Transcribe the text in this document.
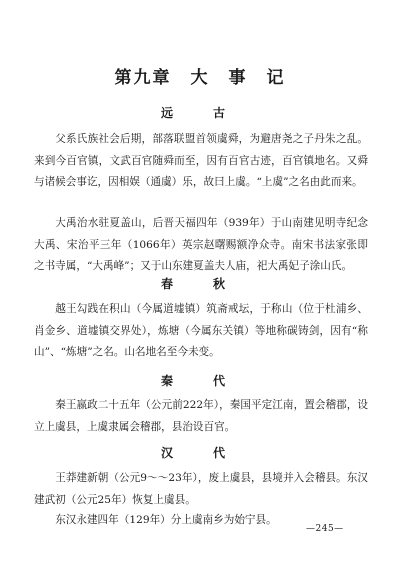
第九章　大　事　记
远　古
父系氏族社会后期，部落联盟首领虞舜，为避唐尧之子丹朱之乱。来到今百官镇，文武百官随舜而至，因有百官古迹，百官镇地名。又舜与诸候会事讫，因相娱（通虞）乐，故曰上虞。“上虞”之名由此而来。
大禹治水驻夏盖山，后晋天福四年（939年）于山南建见明寺纪念大禹、宋治平三年（1066年）英宗赵曙赐额净众寺。南宋书法家张即之书寺属，“大禹峰”；又于山东建夏盖夫人庙，祀大禹妃子涂山氏。
春　秋
越王勾践在积山（今属道墟镇）筑斋戒坛，于称山（位于杜浦乡、肖金乡、道墟镇交界处），炼塘（今属东关镇）等地称碳铸剑，因有“称山”、“炼塘”之名。山名地名至今未变。
秦　代
秦王嬴政二十五年（公元前222年），秦国平定江南，置会稽郡，设立上虞县，上虞隶属会稽郡，县治设百官。
汉　代
王莽建新朝（公元9～～23年），废上虞县，县境并入会稽县。东汉建武初（公元25年）恢复上虞县。
东汉永建四年（129年）分上虞南乡为始宁县。
—245—
